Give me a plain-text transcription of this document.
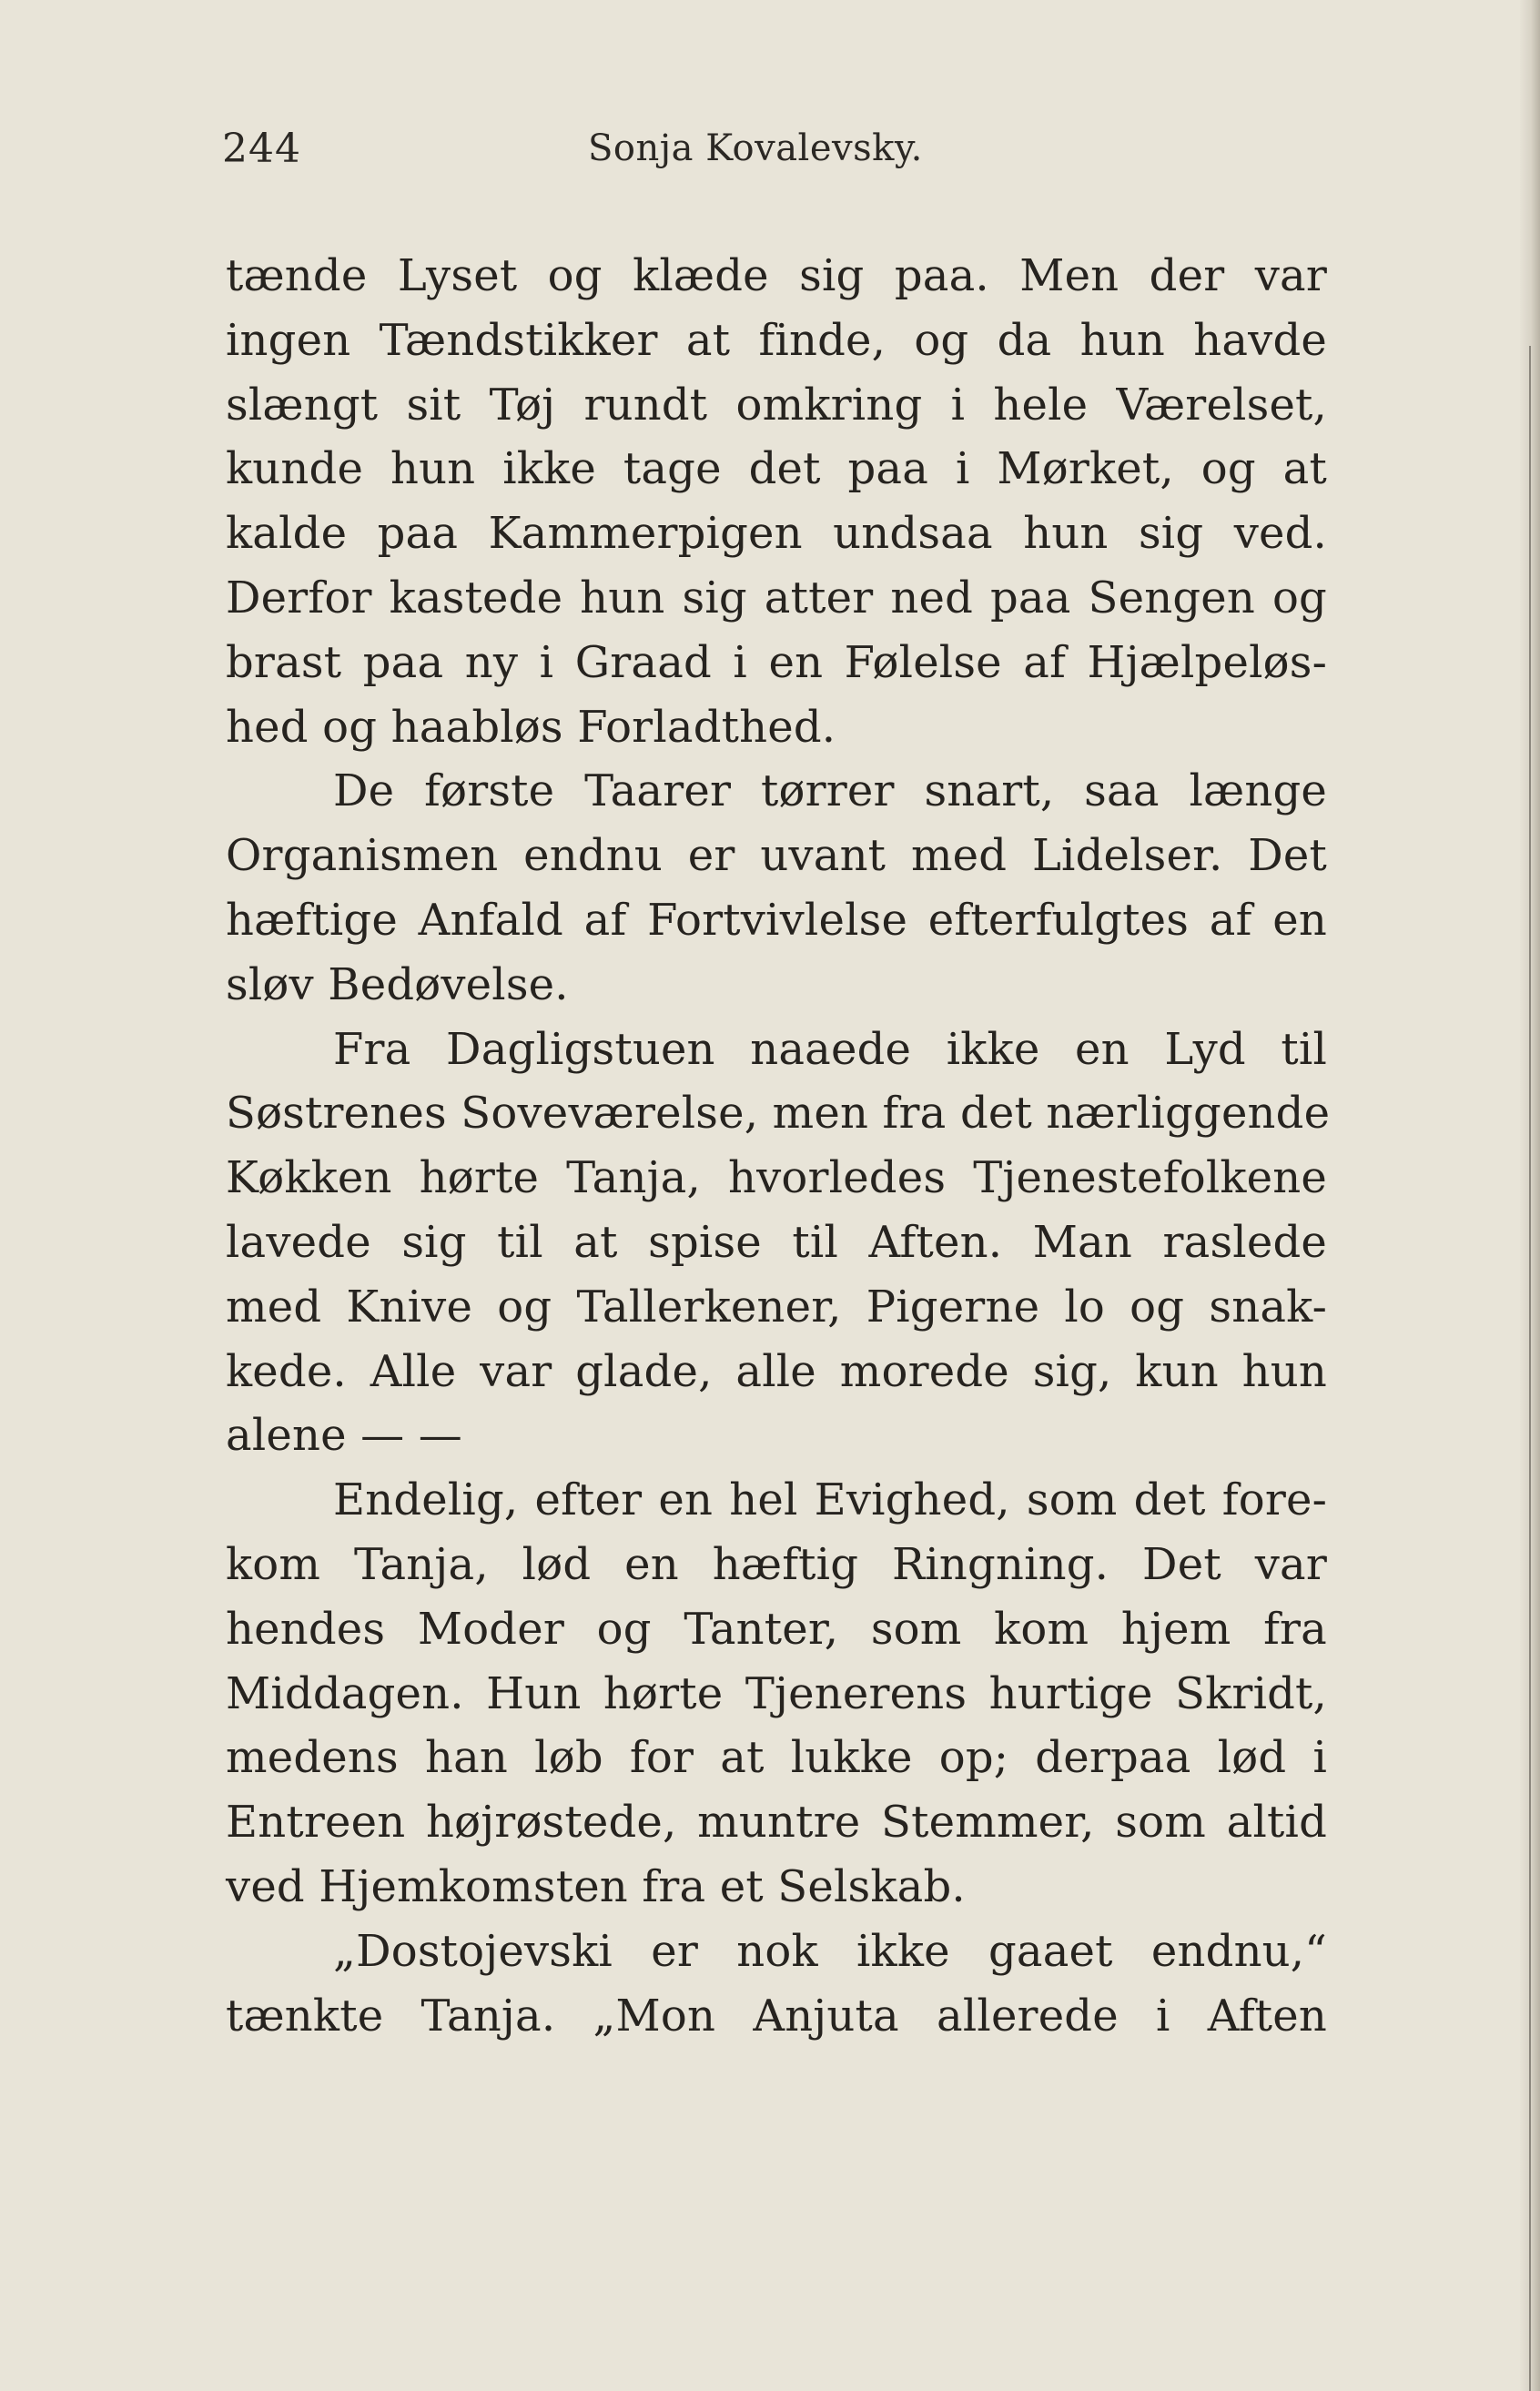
244	Sonja Kovalevsky.
tænde Lyset og klæde sig paa. Men der var
ingen Tændstikker at finde, og da hun havde
slængt sit Tøj rundt omkring i hele Værelset,
kunde hun ikke tage det paa i Mørket, og at
kalde paa Kammerpigen undsaa hun sig ved.
Derfor kastede hun sig atter ned paa Sengen og
brast paa ny i Graad i en Følelse af Hjælpeløs-
hed og haabløs Forladthed.
De første Taarer tørrer snart, saa længe
Organismen endnu er uvant med Lidelser. Det
hæftige Anfald af Fortvivlelse efterfulgtes af en
sløv Bedøvelse.
Fra Dagligstuen naaede ikke en Lyd til
Søstrenes Soveværelse, men fra det nærliggende
Køkken hørte Tanja, hvorledes Tjenestefolkene
lavede sig til at spise til Aften. Man raslede
med Knive og Tallerkener, Pigerne lo og snak-
kede. Alle var glade, alle morede sig, kun hun
alene — —
Endelig, efter en hel Evighed, som det fore-
kom Tanja, lød en hæftig Ringning. Det var
hendes Moder og Tanter, som kom hjem fra
Middagen. Hun hørte Tjenerens hurtige Skridt,
medens han løb for at lukke op; derpaa lød i
Entreen højrøstede, muntre Stemmer, som altid
ved Hjemkomsten fra et Selskab.
„Dostojevski er nok ikke gaaet endnu,“
tænkte Tanja. „Mon Anjuta allerede i Aften
